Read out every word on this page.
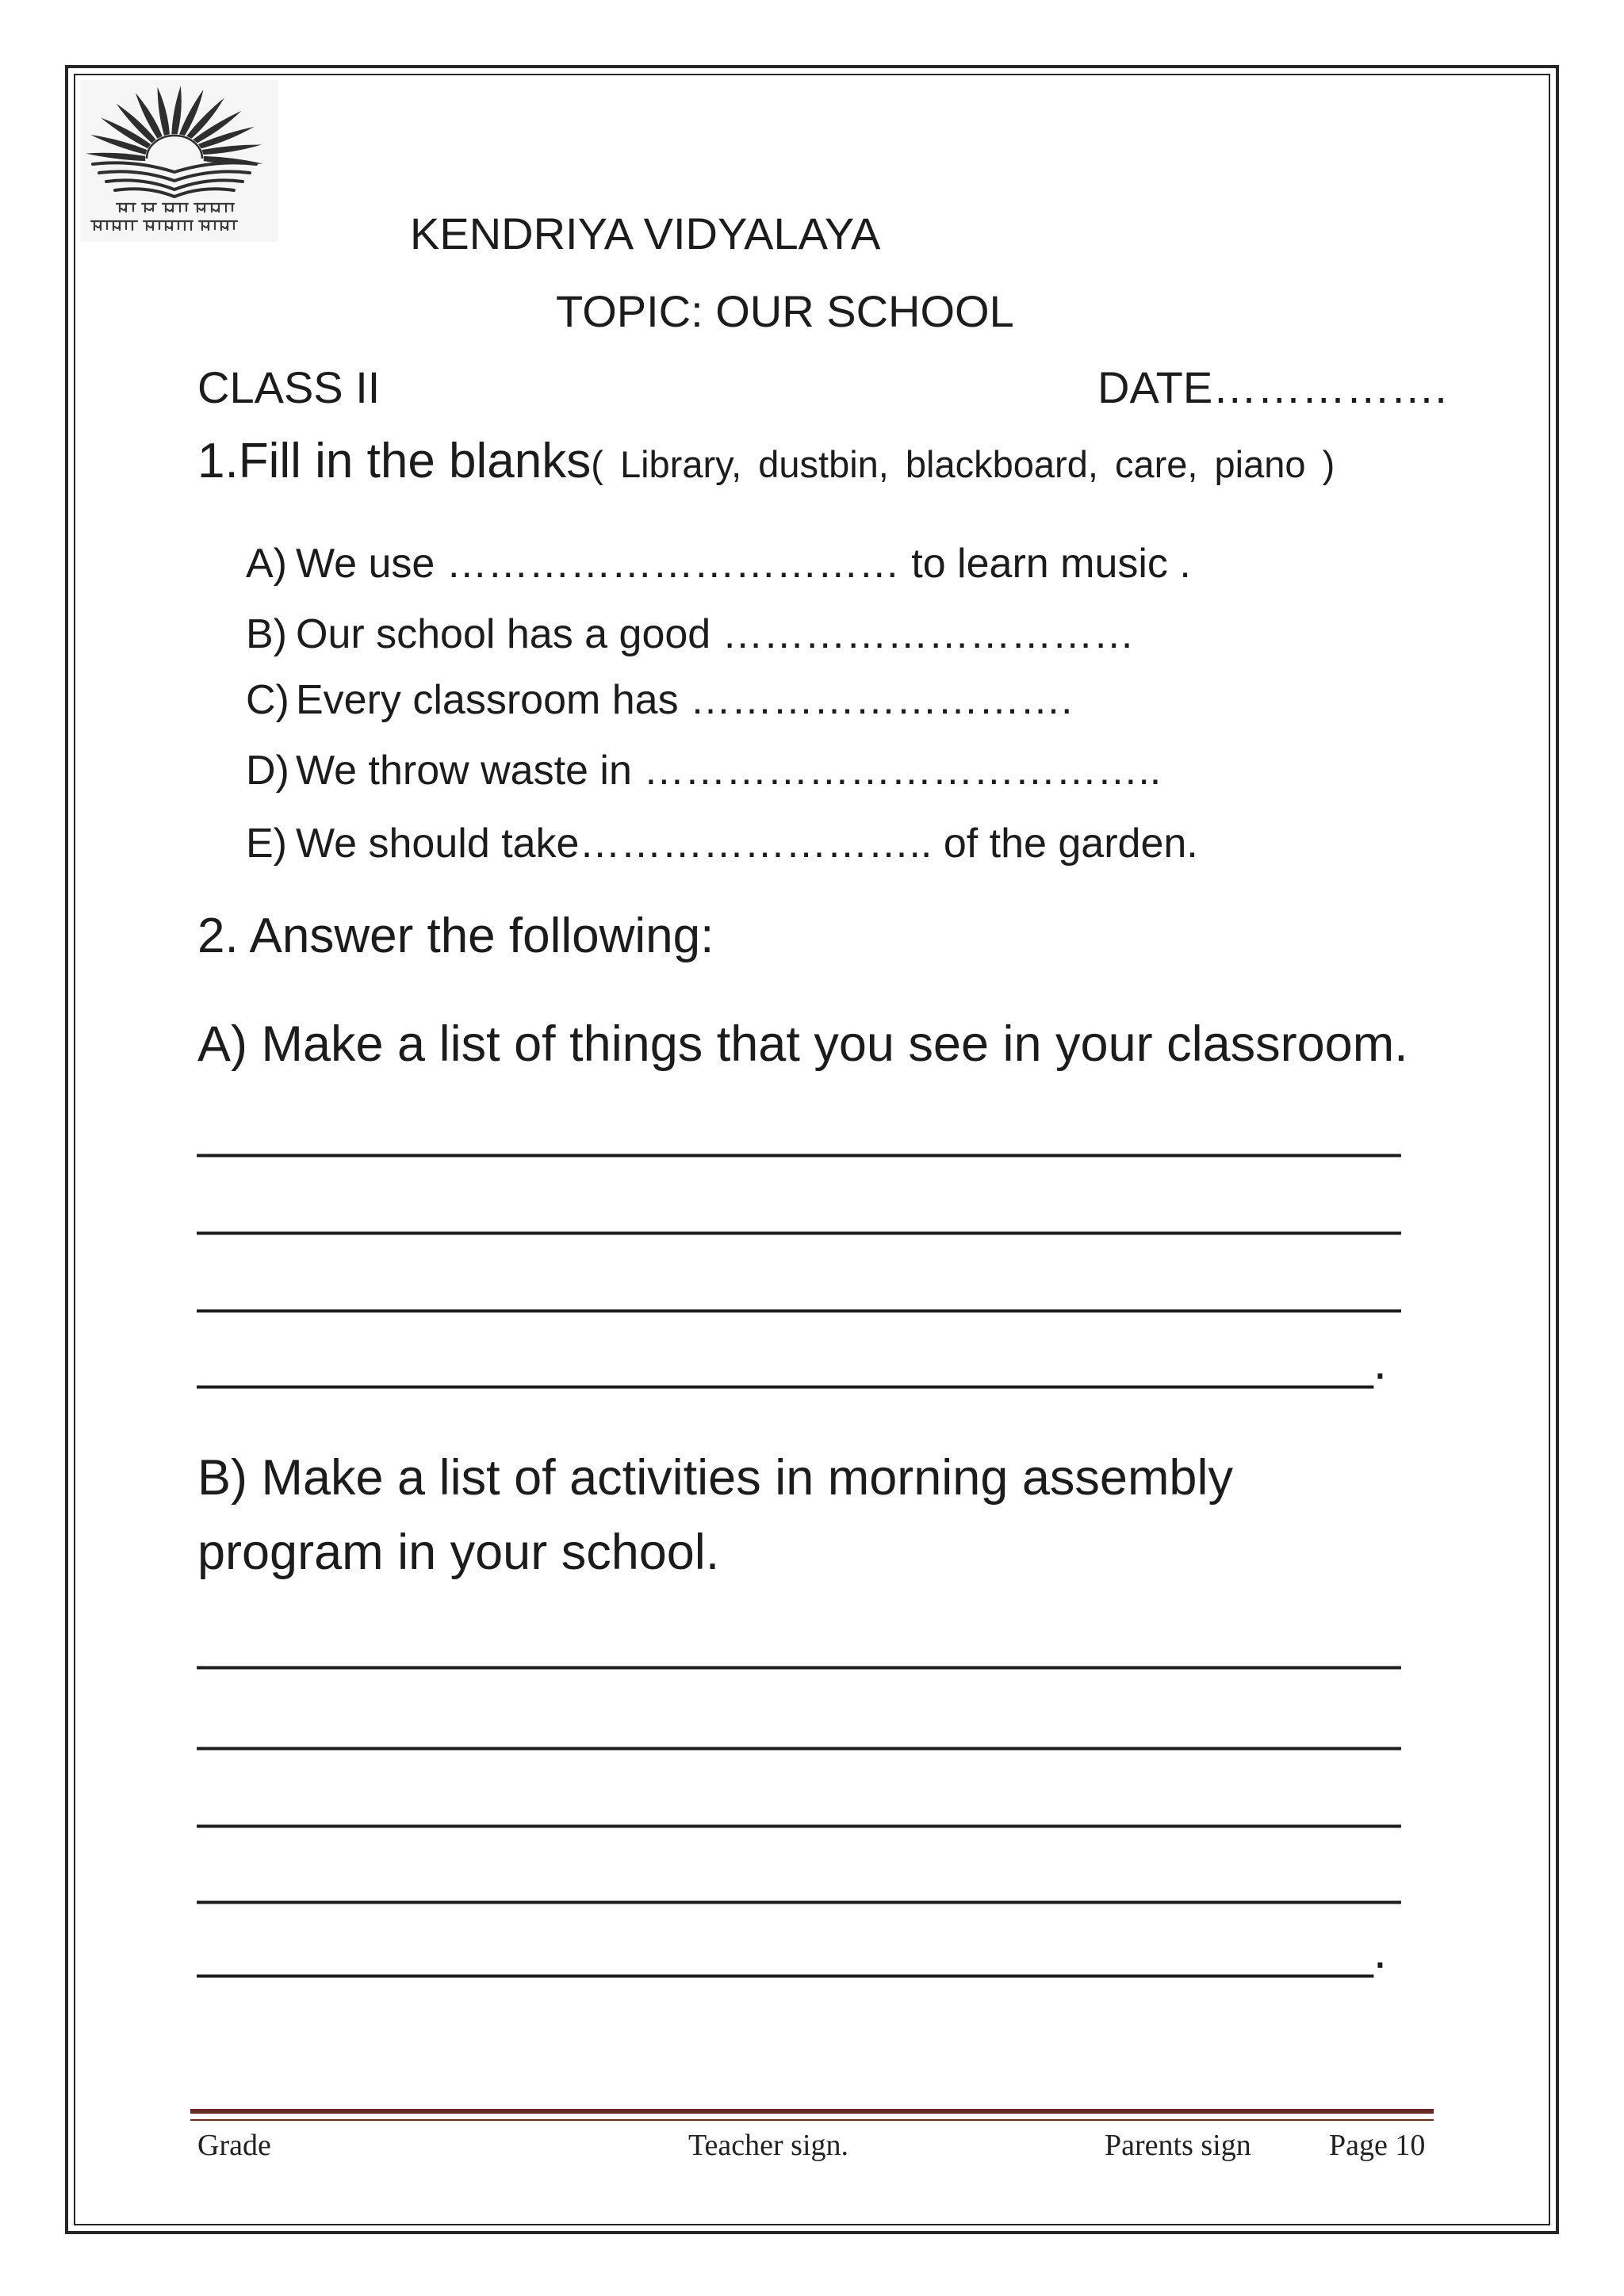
KENDRIYA VIDYALAYA
TOPIC: OUR SCHOOL
CLASS II	DATE…………….
1.Fill in the blanks( Library, dustbin, blackboard, care, piano )
A) We use …………………………… to learn music .
B) Our school has a good …………………………
C) Every classroom has ……………………….
D) We throw waste in ………………………………..
E) We should take…………………….. of the garden.
2. Answer the following:
A) Make a list of things that you see in your classroom.
____________________________________________
____________________________________________
____________________________________________
___________________________________________.
B) Make a list of activities in morning assembly
program in your school.
____________________________________________
____________________________________________
____________________________________________
____________________________________________
___________________________________________.
Grade	Teacher sign.	Parents sign	Page 10
